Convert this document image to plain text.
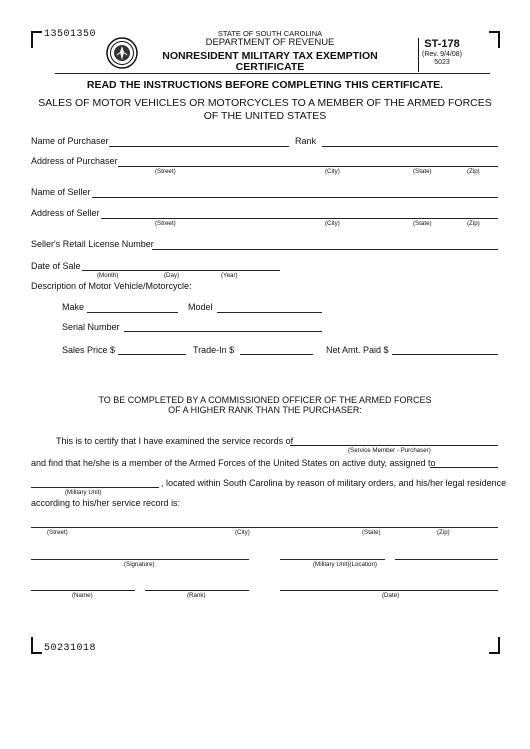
13501350	STATE OF SOUTH CAROLINA
DEPARTMENT OF REVENUE
NONRESIDENT MILITARY TAX EXEMPTION
CERTIFICATE
ST-178
(Rev. 9/4/08)
5023
READ THE INSTRUCTIONS BEFORE COMPLETING THIS CERTIFICATE.
SALES OF MOTOR VEHICLES OR MOTORCYCLES TO A MEMBER OF THE ARMED FORCES
OF THE UNITED STATES
Name of Purchaser	Rank
Address of Purchaser
(Street)	(City)	(State)	(Zip)
Name of Seller
Address of Seller
(Street)	(City)	(State)	(Zip)
Seller's Retail License Number
Date of Sale
(Month)	(Day)	(Year)
Description of Motor Vehicle/Motorcycle:
Make	Model
Serial Number
Sales Price $	Trade-In $	Net Amt. Paid $
TO BE COMPLETED BY A COMMISSIONED OFFICER OF THE ARMED FORCES
OF A HIGHER RANK THAN THE PURCHASER:
This is to certify that I have examined the service records of
(Service Member - Purchaser)
and find that he/she is a member of the Armed Forces of the United States on active duty, assigned to
(Military Unit)
, located within South Carolina by reason of military orders, and his/her legal residence
according to his/her service record is:
(Street)	(City)	(State)	(Zip)
(Signature)	(Military Unit)(Location)
(Name)	(Rank)	(Date)
50231018
